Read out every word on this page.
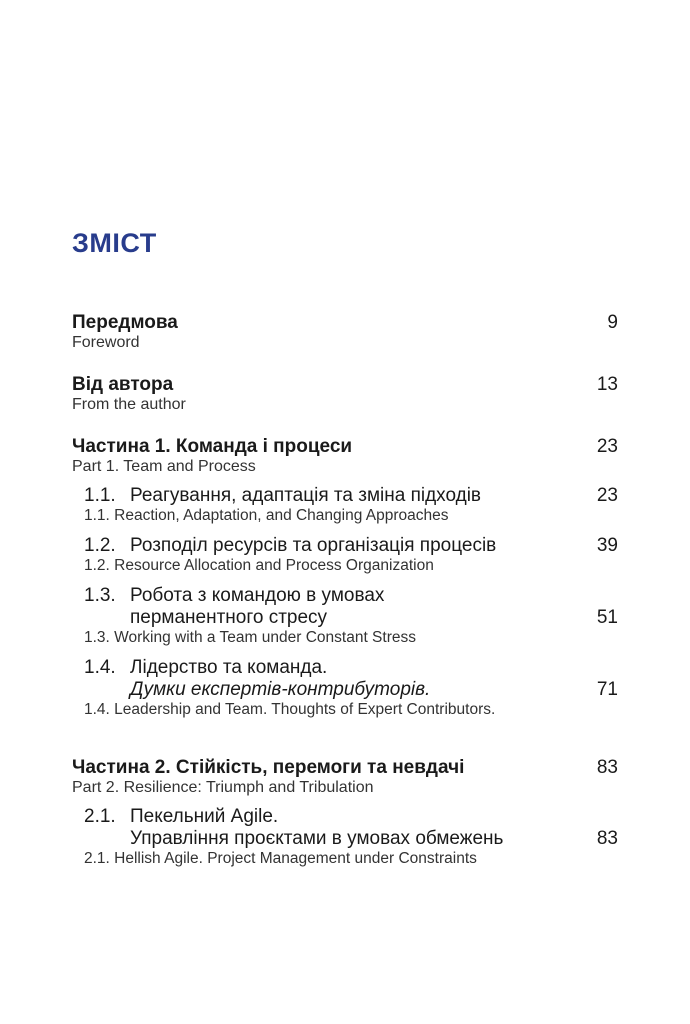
ЗМІСТ
Передмова	9
Foreword
Від автора	13
From the author
Частина 1. Команда і процеси	23
Part 1. Team and Process
1.1. Реагування, адаптація та зміна підходів	23
1.1. Reaction, Adaptation, and Changing Approaches
1.2. Розподіл ресурсів та організація процесів	39
1.2. Resource Allocation and Process Organization
1.3. Робота з командою в умовах
перманентного стресу	51
1.3. Working with a Team under Constant Stress
1.4. Лідерство та команда.
Думки експертів-контрибуторів.	71
1.4. Leadership and Team. Thoughts of Expert Contributors.
Частина 2. Стійкість, перемоги та невдачі	83
Part 2. Resilience: Triumph and Tribulation
2.1. Пекельний Agile.
Управління проєктами в умовах обмежень	83
2.1. Hellish Agile. Project Management under Constraints
